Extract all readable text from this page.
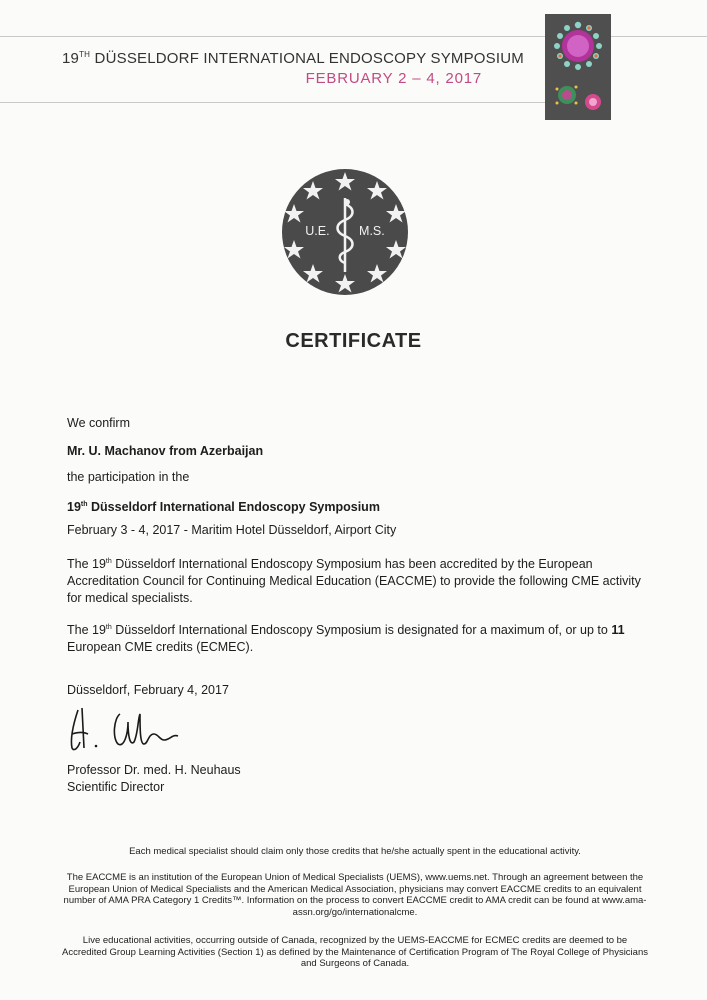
19TH DÜSSELDORF INTERNATIONAL ENDOSCOPY SYMPOSIUM
FEBRUARY 2 – 4, 2017
U.E. M.S.
CERTIFICATE
We confirm
Mr. U. Machanov from Azerbaijan
the participation in the
19th Düsseldorf International Endoscopy Symposium
February 3 - 4, 2017 - Maritim Hotel Düsseldorf, Airport City
The 19th Düsseldorf International Endoscopy Symposium has been accredited by the European Accreditation Council for Continuing Medical Education (EACCME) to provide the following CME activity for medical specialists.
The 19th Düsseldorf International Endoscopy Symposium is designated for a maximum of, or up to 11 European CME credits (ECMEC).
Düsseldorf, February 4, 2017
Professor Dr. med. H. Neuhaus
Scientific Director
Each medical specialist should claim only those credits that he/she actually spent in the educational activity.
The EACCME is an institution of the European Union of Medical Specialists (UEMS), www.uems.net. Through an agreement between the European Union of Medical Specialists and the American Medical Association, physicians may convert EACCME credits to an equivalent number of AMA PRA Category 1 Credits™. Information on the process to convert EACCME credit to AMA credit can be found at www.ama-assn.org/go/internationalcme.
Live educational activities, occurring outside of Canada, recognized by the UEMS-EACCME for ECMEC credits are deemed to be Accredited Group Learning Activities (Section 1) as defined by the Maintenance of Certification Program of The Royal College of Physicians and Surgeons of Canada.
